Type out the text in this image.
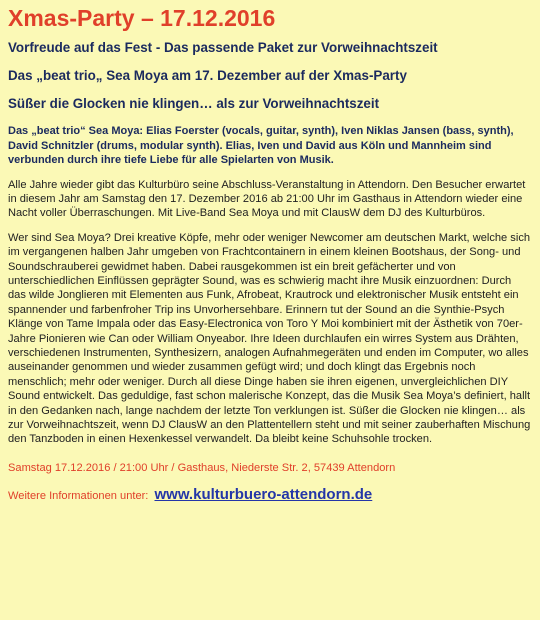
Xmas-Party – 17.12.2016
Vorfreude auf das Fest - Das passende Paket zur Vorweihnachtszeit
Das „beat trio„ Sea Moya am 17. Dezember auf der Xmas-Party
Süßer die Glocken nie klingen… als zur Vorweihnachtszeit
Das „beat trio“ Sea Moya: Elias Foerster (vocals, guitar, synth), Iven Niklas Jansen (bass, synth), David Schnitzler (drums, modular synth). Elias, Iven und David aus Köln und Mannheim sind verbunden durch ihre tiefe Liebe für alle Spielarten von Musik.
Alle Jahre wieder gibt das Kulturbüro seine Abschluss-Veranstaltung in Attendorn. Den Besucher erwartet in diesem Jahr am Samstag den 17. Dezember 2016 ab 21:00 Uhr im Gasthaus in Attendorn wieder eine Nacht voller Überraschungen. Mit Live-Band Sea Moya und mit ClausW dem DJ des Kulturbüros.
Wer sind Sea Moya? Drei kreative Köpfe, mehr oder weniger Newcomer am deutschen Markt, welche sich im vergangenen halben Jahr umgeben von Frachtcontainern in einem kleinen Bootshaus, der Song- und Soundschrauberei gewidmet haben. Dabei rausgekommen ist ein breit gefächerter und von unterschiedlichen Einflüssen geprägter Sound, was es schwierig macht ihre Musik einzuordnen: Durch das wilde Jonglieren mit Elementen aus Funk, Afrobeat, Krautrock und elektronischer Musik entsteht ein spannender und farbenfroher Trip ins Unvorhersehbare. Erinnern tut der Sound an die Synthie-Psych Klänge von Tame Impala oder das Easy-Electronica von Toro Y Moi kombiniert mit der Ästhetik von 70er-Jahre Pionieren wie Can oder William Onyeabor. Ihre Ideen durchlaufen ein wirres System aus Drähten, verschiedenen Instrumenten, Synthesizern, analogen Aufnahmegeräten und enden im Computer, wo alles auseinander genommen und wieder zusammen gefügt wird; und doch klingt das Ergebnis noch menschlich; mehr oder weniger. Durch all diese Dinge haben sie ihren eigenen, unvergleichlichen DIY Sound entwickelt. Das geduldige, fast schon malerische Konzept, das die Musik Sea Moya’s definiert, hallt in den Gedanken nach, lange nachdem der letzte Ton verklungen ist. Süßer die Glocken nie klingen… als zur Vorweihnachtszeit, wenn DJ ClausW an den Plattentellern steht und mit seiner zauberhaften Mischung den Tanzboden in einen Hexenkessel verwandelt. Da bleibt keine Schuhsohle trocken.
Samstag 17.12.2016 / 21:00 Uhr / Gasthaus, Niederste Str. 2, 57439 Attendorn
Weitere Informationen unter: www.kulturbuero-attendorn.de
